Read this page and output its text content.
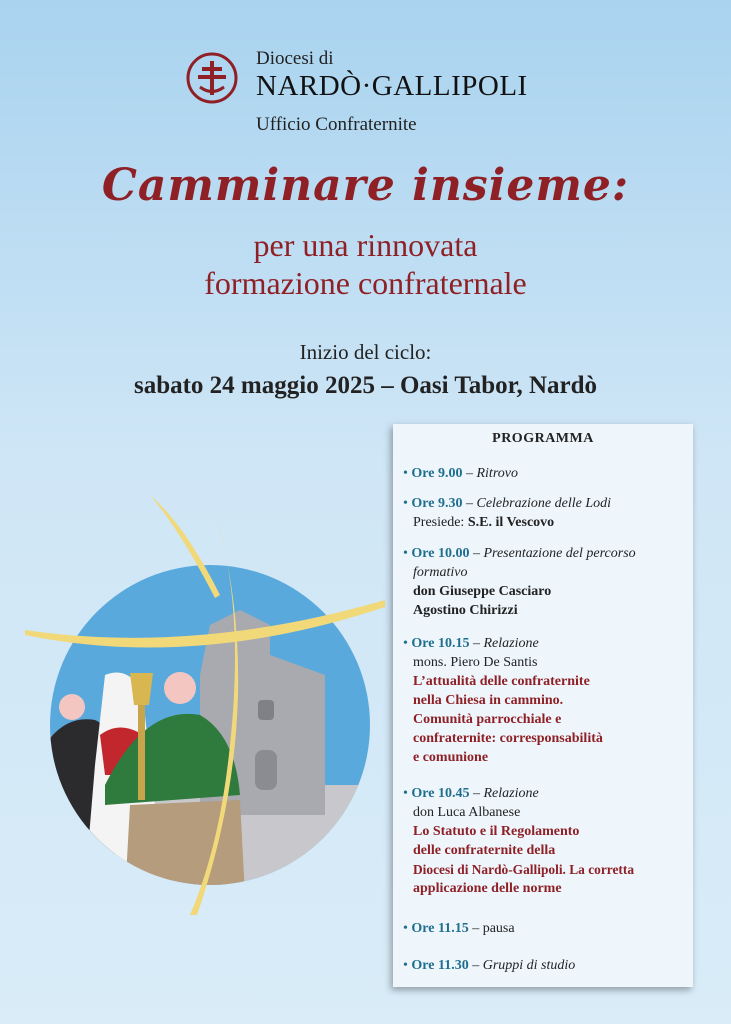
Diocesi di
NARDÒ·GALLIPOLI
Ufficio Confraternite
Camminare insieme:
per una rinnovata
formazione confraternale
Inizio del ciclo:
sabato 24 maggio 2025 – Oasi Tabor, Nardò
PROGRAMMA
• Ore 9.00 – Ritrovo
• Ore 9.30 – Celebrazione delle Lodi
Presiede: S.E. il Vescovo
• Ore 10.00 – Presentazione del percorso
formativo
don Giuseppe Casciaro
Agostino Chirizzi
• Ore 10.15 – Relazione
mons. Piero De Santis
L’attualità delle confraternite
nella Chiesa in cammino.
Comunità parrocchiale e
confraternite: corresponsabilità
e comunione
• Ore 10.45 – Relazione
don Luca Albanese
Lo Statuto e il Regolamento
delle confraternite della
Diocesi di Nardò-Gallipoli. La corretta
applicazione delle norme
• Ore 11.15 – pausa
• Ore 11.30 – Gruppi di studio
